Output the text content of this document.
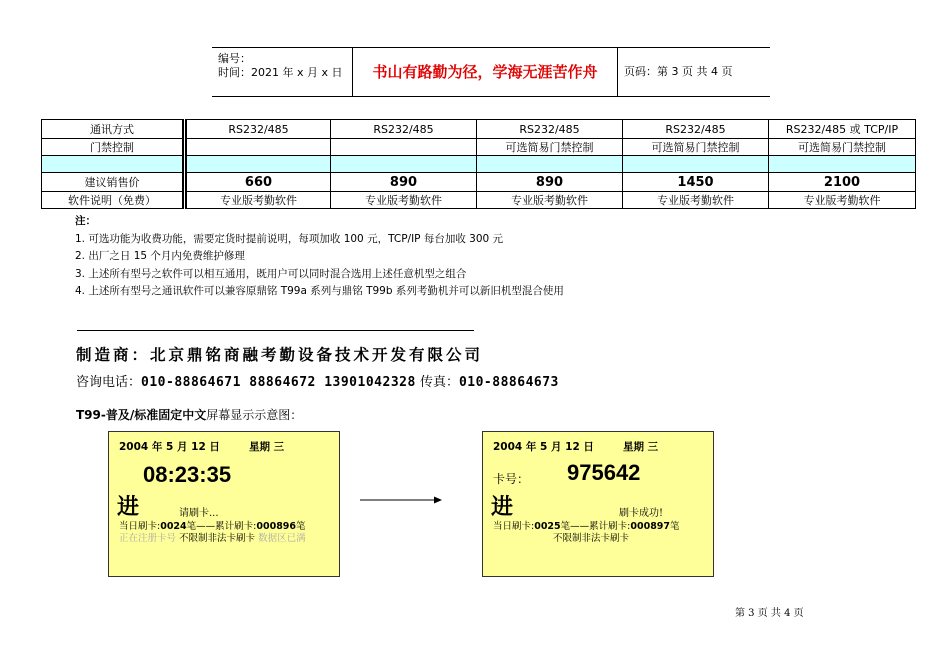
编号：
时间：2021 年 x 月 x 日	书山有路勤为径，学海无涯苦作舟	页码：第 3 页 共 4 页
通讯方式	RS232/485	RS232/485	RS232/485	RS232/485	RS232/485 或 TCP/IP
门禁控制			可选简易门禁控制	可选简易门禁控制	可选简易门禁控制

建议销售价	660	890	890	1450	2100
软件说明（免费）	专业版考勤软件	专业版考勤软件	专业版考勤软件	专业版考勤软件	专业版考勤软件
注：
1. 可选功能为收费功能，需要定货时提前说明，每项加收 100 元，TCP/IP 每台加收 300 元
2. 出厂之日 15 个月内免费维护修理
3. 上述所有型号之软件可以相互通用，既用户可以同时混合选用上述任意机型之组合
4. 上述所有型号之通讯软件可以兼容原鼎铭 T99a 系列与鼎铭 T99b 系列考勤机并可以新旧机型混合使用
制造商：北京鼎铭商融考勤设备技术开发有限公司
咨询电话：010-88864671 88864672 13901042328 传真：010-88864673
T99-普及/标准固定中文屏幕显示示意图：
2004 年 5 月 12 日	星期 三
08:23:35
进	请刷卡...
当日刷卡:0024笔——累计刷卡:000896笔
正在注册卡号 不限制非法卡刷卡 数据区已满
2004 年 5 月 12 日	星期 三
卡号： 975642
进	刷卡成功!
当日刷卡:0025笔——累计刷卡:000897笔
不限制非法卡刷卡
第 3 页 共 4 页
